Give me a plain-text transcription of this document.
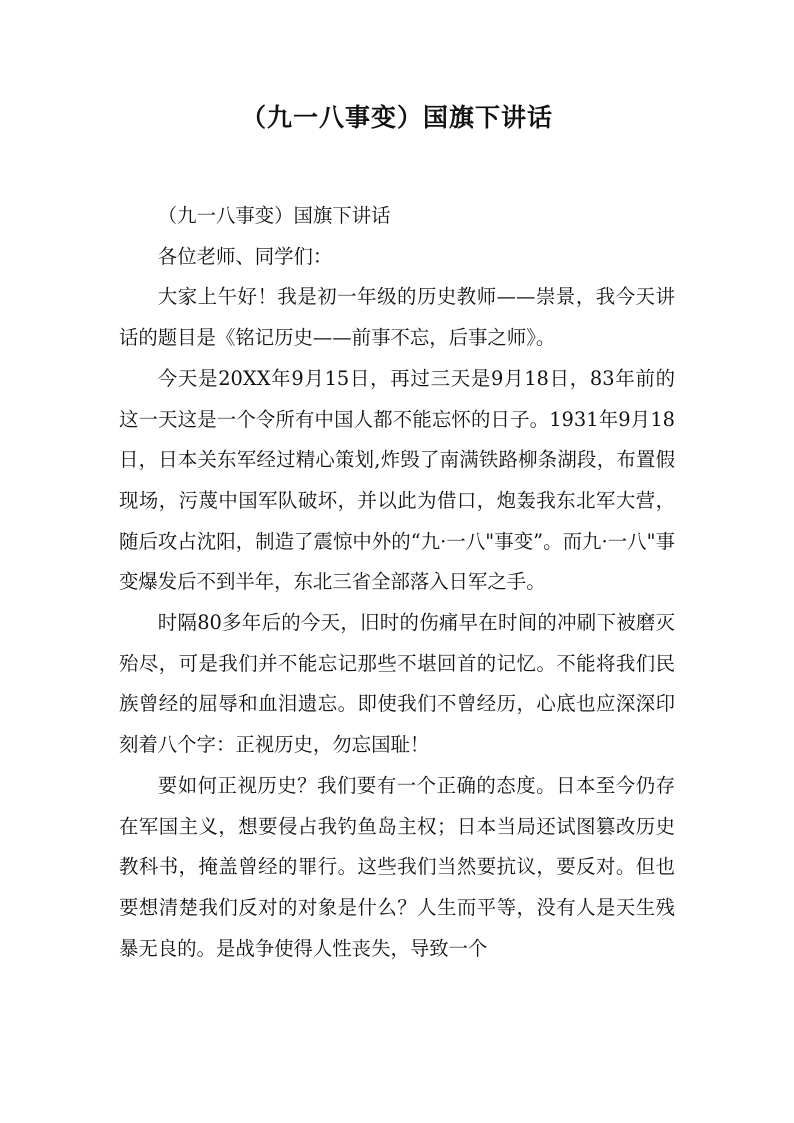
（九一八事变）国旗下讲话

（九一八事变）国旗下讲话

各位老师、同学们：

大家上午好！我是初一年级的历史教师——崇景，我今天讲话的题目是《铭记历史——前事不忘，后事之师》。

今天是20XX年9月15日，再过三天是9月18日，83年前的这一天这是一个令所有中国人都不能忘怀的日子。1931年9月18日，日本关东军经过精心策划,炸毁了南满铁路柳条湖段，布置假现场，污蔑中国军队破坏，并以此为借口，炮轰我东北军大营，随后攻占沈阳，制造了震惊中外的“九·一八"事变”。而九·一八"事变爆发后不到半年，东北三省全部落入日军之手。

时隔80多年后的今天，旧时的伤痛早在时间的冲刷下被磨灭殆尽，可是我们并不能忘记那些不堪回首的记忆。不能将我们民族曾经的屈辱和血泪遗忘。即使我们不曾经历，心底也应深深印刻着八个字：正视历史，勿忘国耻！

要如何正视历史？我们要有一个正确的态度。日本至今仍存在军国主义，想要侵占我钓鱼岛主权；日本当局还试图篡改历史教科书，掩盖曾经的罪行。这些我们当然要抗议，要反对。但也要想清楚我们反对的对象是什么？人生而平等，没有人是天生残暴无良的。是战争使得人性丧失，导致一个
